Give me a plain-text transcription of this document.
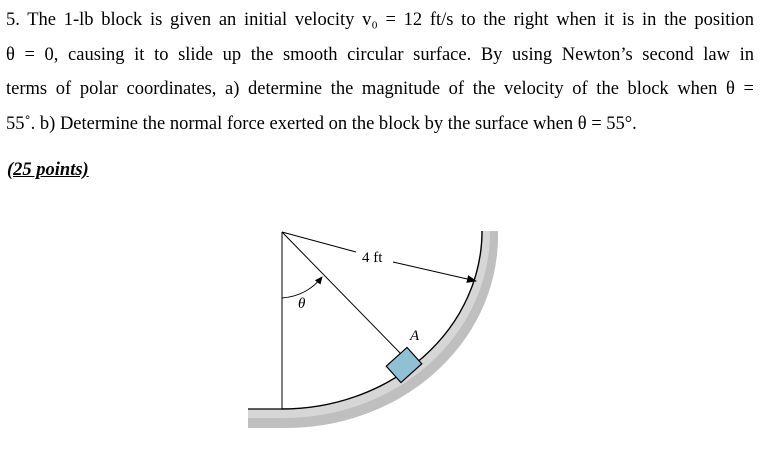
5. The 1-lb block is given an initial velocity v₀ = 12 ft/s to the right when it is in the position
θ = 0, causing it to slide up the smooth circular surface. By using Newton’s second law in
terms of polar coordinates, a) determine the magnitude of the velocity of the block when θ =
55˚. b) Determine the normal force exerted on the block by the surface when θ = 55°.
(25 points)
4 ft
θ
A
